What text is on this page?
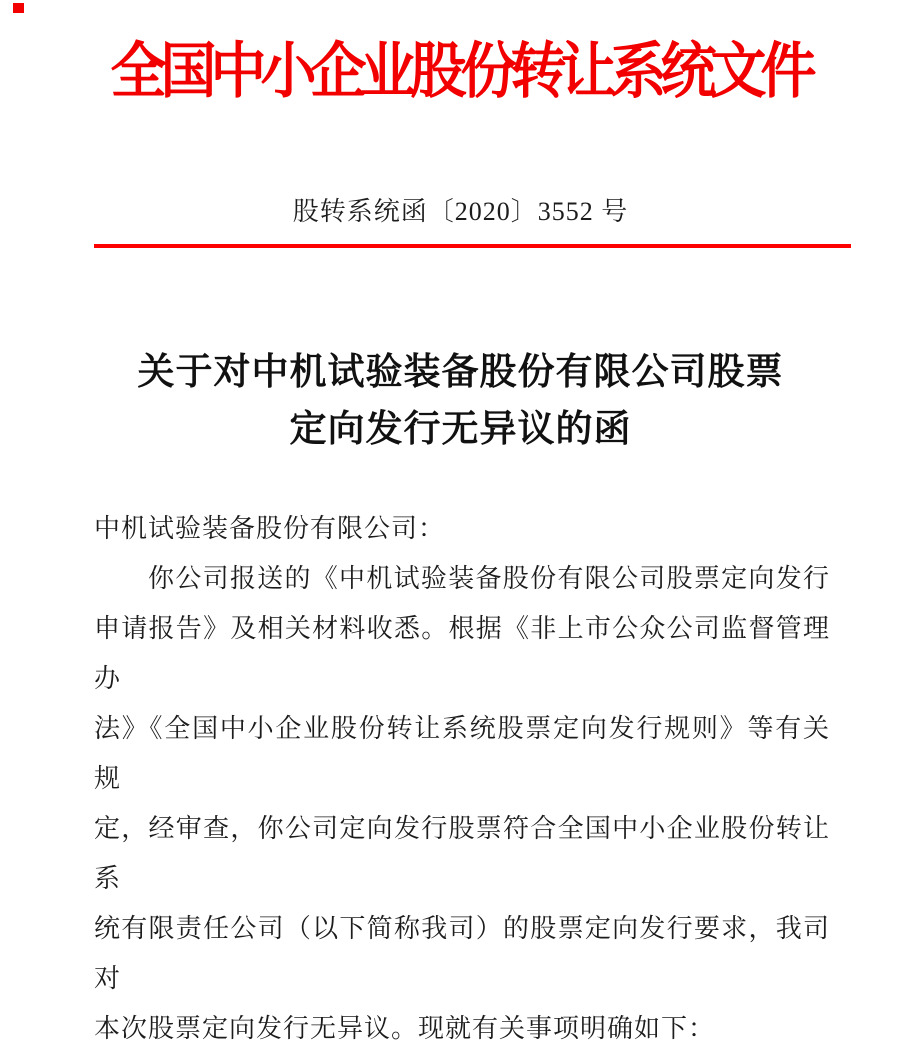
全国中小企业股份转让系统文件
股转系统函〔2020〕3552 号
关于对中机试验装备股份有限公司股票
定向发行无异议的函
中机试验装备股份有限公司：
你公司报送的《中机试验装备股份有限公司股票定向发行
申请报告》及相关材料收悉。根据《非上市公众公司监督管理办
法》《全国中小企业股份转让系统股票定向发行规则》等有关规
定，经审查，你公司定向发行股票符合全国中小企业股份转让系
统有限责任公司（以下简称我司）的股票定向发行要求，我司对
本次股票定向发行无异议。现就有关事项明确如下：
